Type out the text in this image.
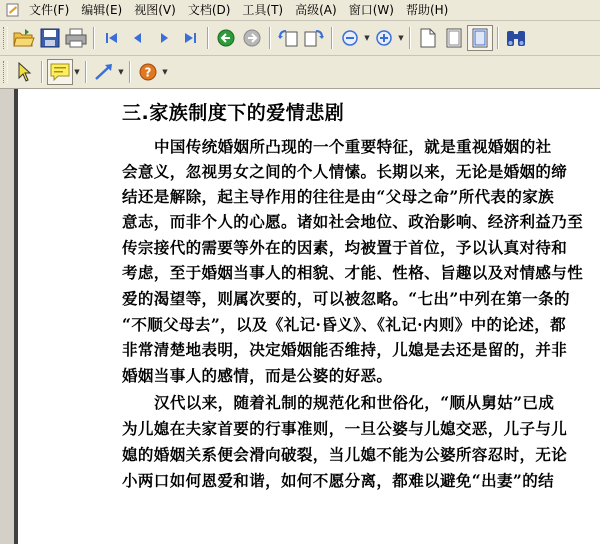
文件(F)	编辑(E)	视图(V)	文档(D)	工具(T)	高级(A)	窗口(W)	帮助(H)
▼	▼
▼	▼ ? ▼
三.家族制度下的爱情悲剧
中国传统婚姻所凸现的一个重要特征，就是重视婚姻的社
会意义，忽视男女之间的个人情愫。长期以来，无论是婚姻的缔
结还是解除，起主导作用的往往是由“父母之命”所代表的家族
意志，而非个人的心愿。诸如社会地位、政治影响、经济利益乃至
传宗接代的需要等外在的因素，均被置于首位，予以认真对待和
考虑，至于婚姻当事人的相貌、才能、性格、旨趣以及对情感与性
爱的渴望等，则属次要的，可以被忽略。“七出”中列在第一条的
“不顺父母去”，以及《礼记·昏义》、《礼记·内则》中的论述，都
非常清楚地表明，决定婚姻能否维持，儿媳是去还是留的，并非
婚姻当事人的感情，而是公婆的好恶。
汉代以来，随着礼制的规范化和世俗化，“顺从舅姑”已成
为儿媳在夫家首要的行事准则，一旦公婆与儿媳交恶，儿子与儿
媳的婚姻关系便会滑向破裂，当儿媳不能为公婆所容忍时，无论
小两口如何恩爱和谐，如何不愿分离，都难以避免“出妻”的结
